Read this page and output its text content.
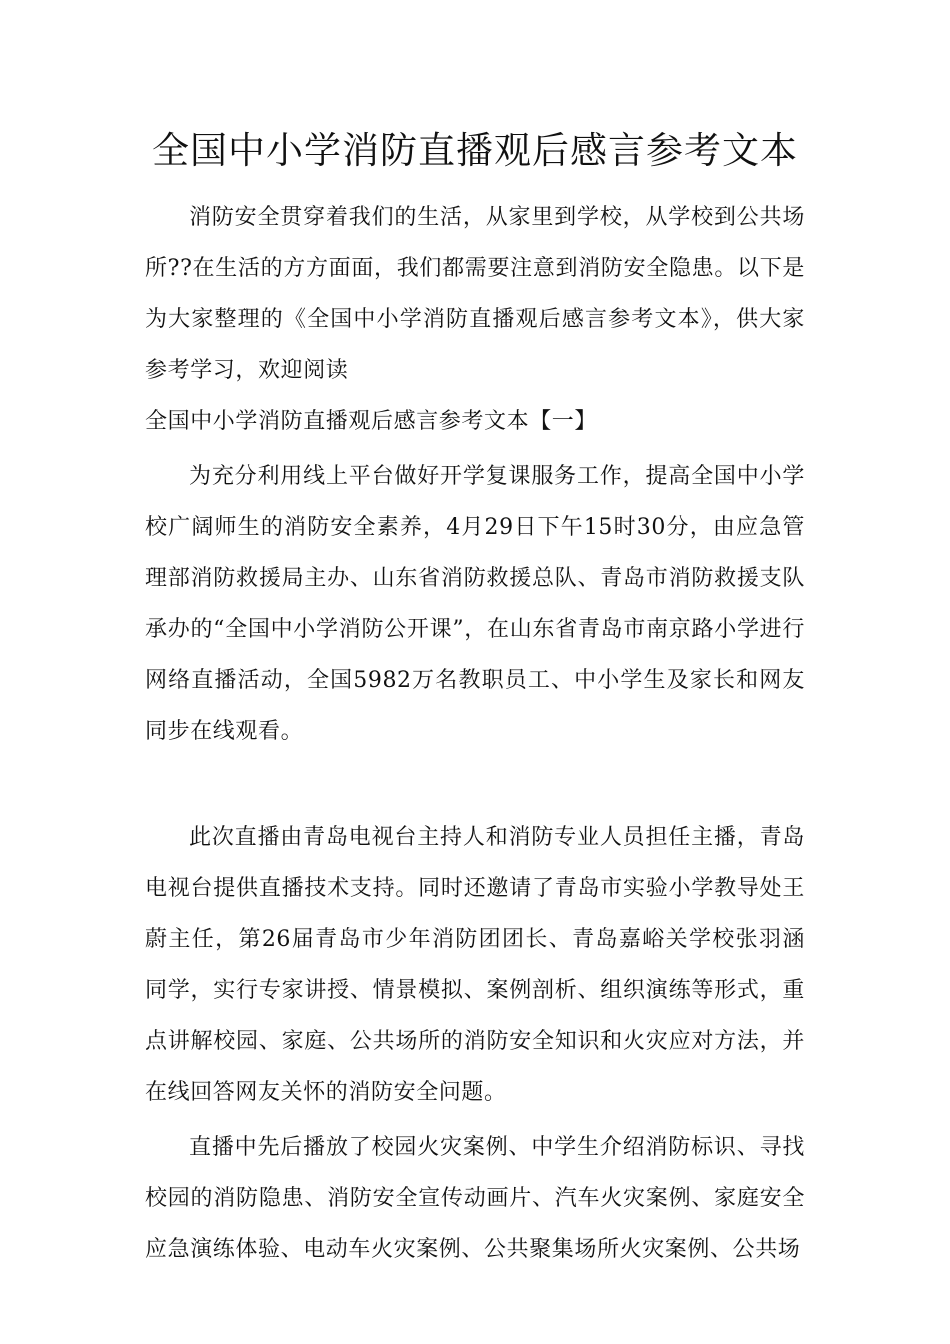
全国中小学消防直播观后感言参考文本

消防安全贯穿着我们的生活，从家里到学校，从学校到公共场所??在生活的方方面面，我们都需要注意到消防安全隐患。以下是为大家整理的《全国中小学消防直播观后感言参考文本》，供大家参考学习，欢迎阅读

全国中小学消防直播观后感言参考文本【一】

为充分利用线上平台做好开学复课服务工作，提高全国中小学校广阔师生的消防安全素养，4月29日下午15时30分，由应急管理部消防救援局主办、山东省消防救援总队、青岛市消防救援支队承办的“全国中小学消防公开课”，在山东省青岛市南京路小学进行网络直播活动，全国5982万名教职员工、中小学生及家长和网友同步在线观看。

此次直播由青岛电视台主持人和消防专业人员担任主播，青岛电视台提供直播技术支持。同时还邀请了青岛市实验小学教导处王蔚主任，第26届青岛市少年消防团团长、青岛嘉峪关学校张羽涵同学，实行专家讲授、情景模拟、案例剖析、组织演练等形式，重点讲解校园、家庭、公共场所的消防安全知识和火灾应对方法，并在线回答网友关怀的消防安全问题。

直播中先后播放了校园火灾案例、中学生介绍消防标识、寻找校园的消防隐患、消防安全宣传动画片、汽车火灾案例、家庭安全应急演练体验、电动车火灾案例、公共聚集场所火灾案例、公共场
